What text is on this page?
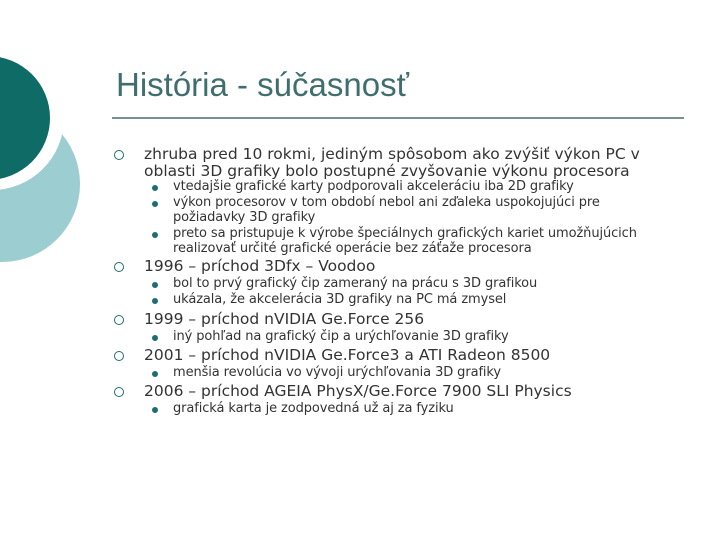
História - súčasnosť
zhruba pred 10 rokmi, jediným spôsobom ako zvýšiť výkon PC v oblasti 3D grafiky bolo postupné zvyšovanie výkonu procesora
vtedajšie grafické karty podporovali akceleráciu iba 2D grafiky
výkon procesorov v tom období nebol ani zďaleka uspokojujúci pre požiadavky 3D grafiky
preto sa pristupuje k výrobe špeciálnych grafických kariet umožňujúcich realizovať určité grafické operácie bez záťaže procesora
1996 – príchod 3Dfx – Voodoo
bol to prvý grafický čip zameraný na prácu s 3D grafikou
ukázala, že akcelerácia 3D grafiky na PC má zmysel
1999 – príchod nVIDIA Ge.Force 256
iný pohľad na grafický čip a urýchľovanie 3D grafiky
2001 – príchod nVIDIA Ge.Force3 a ATI Radeon 8500
menšia revolúcia vo vývoji urýchľovania 3D grafiky
2006 – príchod AGEIA PhysX/Ge.Force 7900 SLI Physics
grafická karta je zodpovedná už aj za fyziku
